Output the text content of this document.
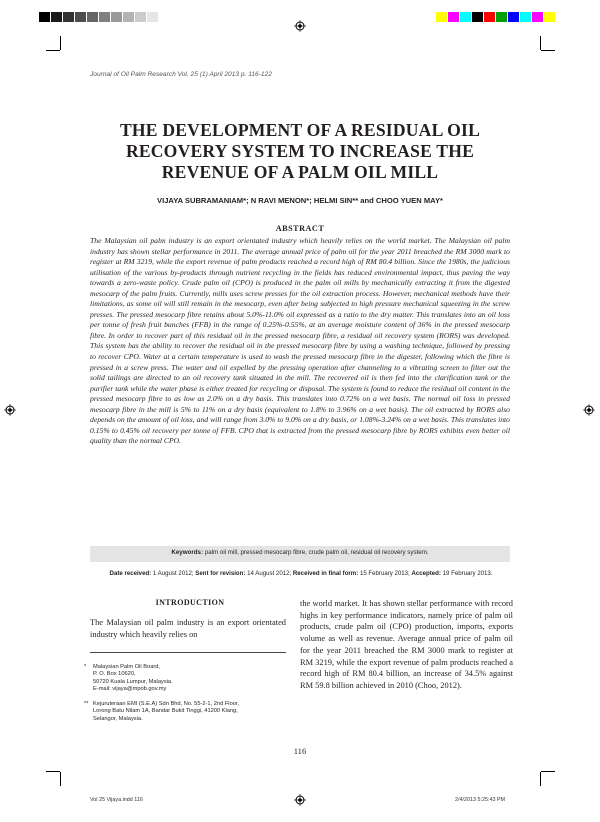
Journal of Oil Palm Research Vol. 25 (1) April 2013 p. 116-122
THE DEVELOPMENT OF A RESIDUAL OIL
RECOVERY SYSTEM TO INCREASE THE
REVENUE OF A PALM OIL MILL
VIJAYA SUBRAMANIAM*; N RAVI MENON*; HELMI SIN** and CHOO YUEN MAY*
ABSTRACT
The Malaysian oil palm industry is an export orientated industry which heavily relies on the world market. The Malaysian oil palm industry has shown stellar performance in 2011. The average annual price of palm oil for the year 2011 breached the RM 3000 mark to register at RM 3219, while the export revenue of palm products reached a record high of RM 80.4 billion. Since the 1980s, the judicious utilisation of the various by-products through nutrient recycling in the fields has reduced environmental impact, thus paving the way towards a zero-waste policy. Crude palm oil (CPO) is produced in the palm oil mills by mechanically extracting it from the digested mesocarp of the palm fruits. Currently, mills uses screw presses for the oil extraction process. However, mechanical methods have their limitations, as some oil will still remain in the mesocarp, even after being subjected to high pressure mechanical squeezing in the screw presses. The pressed mesocarp fibre retains about 5.0%-11.0% oil expressed as a ratio to the dry matter. This translates into an oil loss per tonne of fresh fruit bunches (FFB) in the range of 0.25%-0.55%, at an average moisture content of 36% in the pressed mesocarp fibre. In order to recover part of this residual oil in the pressed mesocarp fibre, a residual oil recovery system (RORS) was developed. This system has the ability to recover the residual oil in the pressed mesocarp fibre by using a washing technique, followed by pressing to recover CPO. Water at a certain temperature is used to wash the pressed mesocarp fibre in the digester, following which the fibre is pressed in a screw press. The water and oil expelled by the pressing operation after channeling to a vibrating screen to filter out the solid tailings are directed to an oil recovery tank situated in the mill. The recovered oil is then fed into the clarification tank or the purifier tank while the water phase is either treated for recycling or disposal. The system is found to reduce the residual oil content in the pressed mesocarp fibre to as low as 2.0% on a dry basis. This translates into 0.72% on a wet basis. The normal oil loss in pressed mesocarp fibre in the mill is 5% to 11% on a dry basis (equivalent to 1.8% to 3.96% on a wet basis). The oil extracted by RORS also depends on the amount of oil loss, and will range from 3.0% to 9.0% on a dry basis, or 1.08%-3.24% on a wet basis. This translates into 0.15% to 0.45% oil recovery per tonne of FFB. CPO that is extracted from the pressed mesocarp fibre by RORS exhibits even better oil quality than the normal CPO.
Keywords: palm oil mill, pressed mesocarp fibre, crude palm oil, residual oil recovery system.
Date received: 1 August 2012; Sent for revision: 14 August 2012; Received in final form: 15 February 2013; Accepted: 19 February 2013.
INTRODUCTION
The Malaysian oil palm industry is an export orientated industry which heavily relies on
* Malaysian Palm Oil Board,
P. O. Box 10620,
50720 Kuala Lumpur, Malaysia.
E-mail: vijaya@mpob.gov.my
** Kejuruteraan EMI (S.E.A) Sdn Bhd, No. 55-2-1, 2nd Floor,
Lorong Batu Nilam 1A, Bandar Bukit Tinggi, 41200 Klang,
Selangor, Malaysia.
the world market. It has shown stellar performance with record highs in key performance indicators, namely price of palm oil products, crude palm oil (CPO) production, imports, exports volume as well as revenue. Average annual price of palm oil for the year 2011 breached the RM 3000 mark to register at RM 3219, while the export revenue of palm products reached a record high of RM 80.4 billion, an increase of 34.5% against RM 59.8 billion achieved in 2010 (Choo, 2012).
116
Vol 25 Vijaya.indd 116	2/4/2013 5:25:43 PM
